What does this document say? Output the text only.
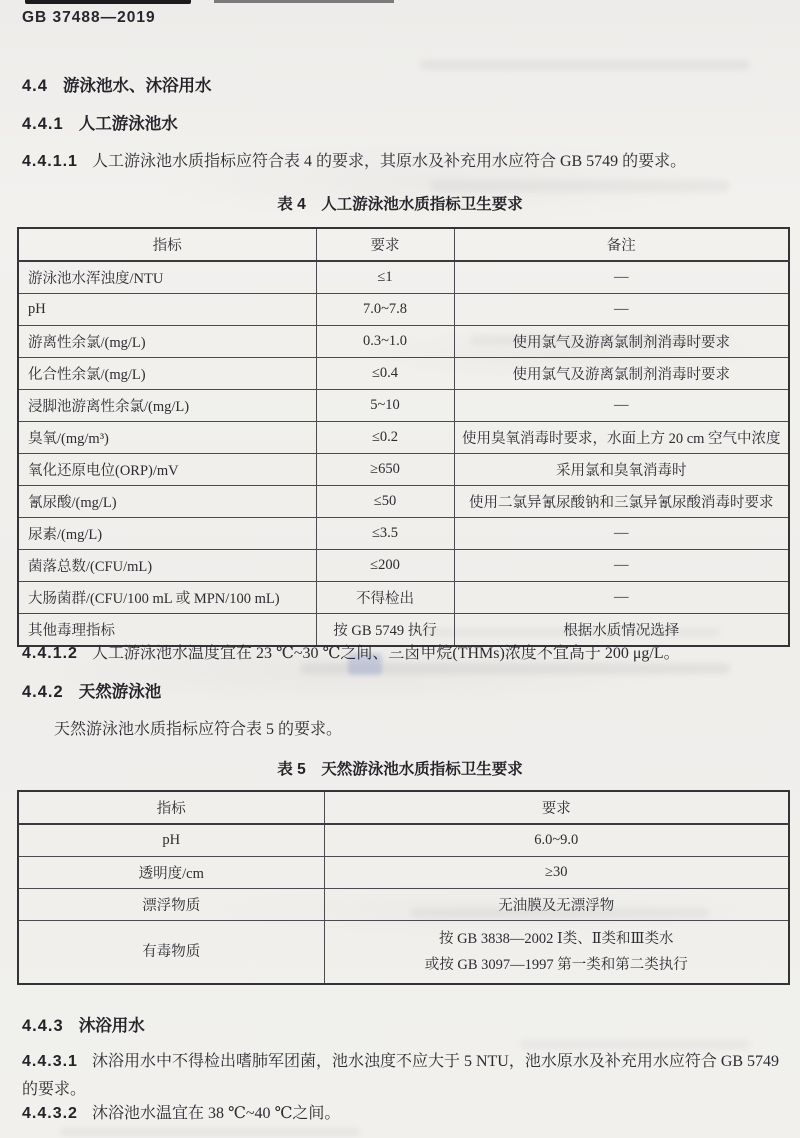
GB 37488—2019
4.4 游泳池水、沐浴用水
4.4.1 人工游泳池水
4.4.1.1 人工游泳池水质指标应符合表 4 的要求，其原水及补充用水应符合 GB 5749 的要求。
表 4　人工游泳池水质指标卫生要求
指标	要求	备注
游泳池水浑浊度/NTU	≤1	—
pH	7.0~7.8	—
游离性余氯/(mg/L)	0.3~1.0	使用氯气及游离氯制剂消毒时要求
化合性余氯/(mg/L)	≤0.4	使用氯气及游离氯制剂消毒时要求
浸脚池游离性余氯/(mg/L)	5~10	—
臭氧/(mg/m³)	≤0.2	使用臭氧消毒时要求，水面上方 20 cm 空气中浓度
氧化还原电位(ORP)/mV	≥650	采用氯和臭氧消毒时
氰尿酸/(mg/L)	≤50	使用二氯异氰尿酸钠和三氯异氰尿酸消毒时要求
尿素/(mg/L)	≤3.5	—
菌落总数/(CFU/mL)	≤200	—
大肠菌群/(CFU/100 mL 或 MPN/100 mL)	不得检出	—
其他毒理指标	按 GB 5749 执行	根据水质情况选择
4.4.1.2 人工游泳池水温度宜在 23 ℃~30 ℃之间、三卤甲烷(THMs)浓度不宜高于 200 μg/L。
4.4.2 天然游泳池
天然游泳池水质指标应符合表 5 的要求。
表 5　天然游泳池水质指标卫生要求
指标	要求
pH	6.0~9.0
透明度/cm	≥30
漂浮物质	无油膜及无漂浮物
有毒物质	按 GB 3838—2002 Ⅰ类、Ⅱ类和Ⅲ类水
或按 GB 3097—1997 第一类和第二类执行
4.4.3 沐浴用水
4.4.3.1 沐浴用水中不得检出嗜肺军团菌，池水浊度不应大于 5 NTU，池水原水及补充用水应符合 GB 5749 的要求。
4.4.3.2 沐浴池水温宜在 38 ℃~40 ℃之间。
